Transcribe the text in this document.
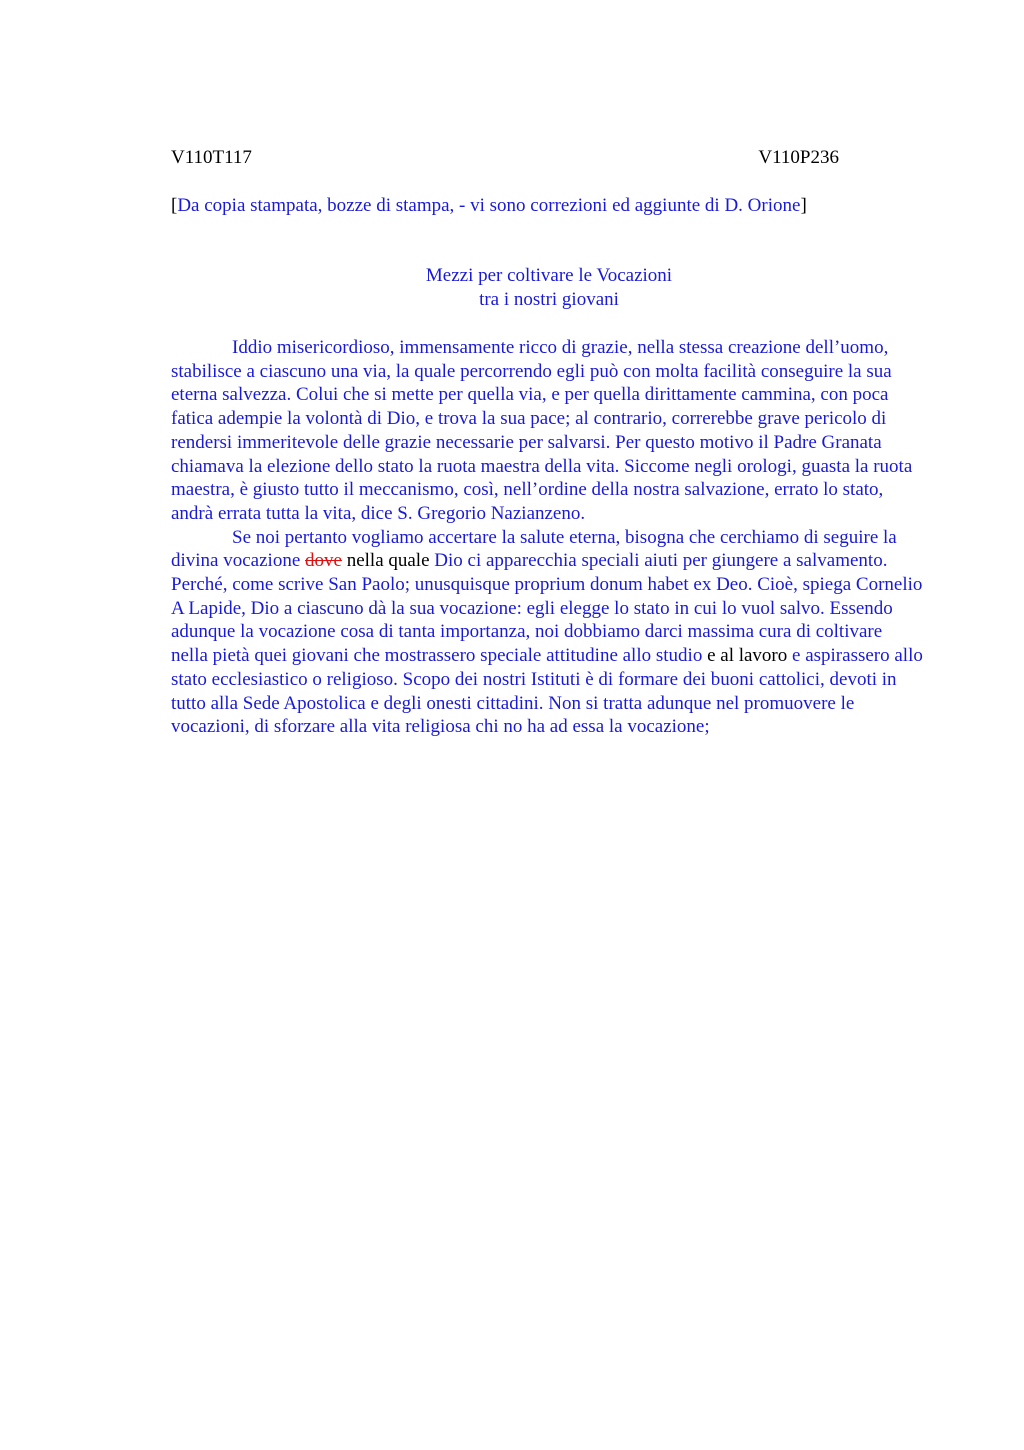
V110T117	V110P236
[Da copia stampata, bozze di stampa, - vi sono correzioni ed aggiunte di D. Orione]
Mezzi per coltivare le Vocazioni
tra i nostri giovani

Iddio misericordioso, immensamente ricco di grazie, nella stessa creazione dell’uomo, stabilisce a ciascuno una via, la quale percorrendo egli può con molta facilità conseguire la sua eterna salvezza. Colui che si mette per quella via, e per quella dirittamente cammina, con poca fatica adempie la volontà di Dio, e trova la sua pace; al contrario, correrebbe grave pericolo di rendersi immeritevole delle grazie necessarie per salvarsi. Per questo motivo il Padre Granata chiamava la elezione dello stato la ruota maestra della vita. Siccome negli orologi, guasta la ruota maestra, è giusto tutto il meccanismo, così, nell’ordine della nostra salvazione, errato lo stato, andrà errata tutta la vita, dice S. Gregorio Nazianzeno.

Se noi pertanto vogliamo accertare la salute eterna, bisogna che cerchiamo di seguire la divina vocazione dove nella quale Dio ci apparecchia speciali aiuti per giungere a salvamento. Perché, come scrive San Paolo; unusquisque proprium donum habet ex Deo. Cioè, spiega Cornelio A Lapide, Dio a ciascuno dà la sua vocazione: egli elegge lo stato in cui lo vuol salvo. Essendo adunque la vocazione cosa di tanta importanza, noi dobbiamo darci massima cura di coltivare nella pietà quei giovani che mostrassero speciale attitudine allo studio e al lavoro e aspirassero allo stato ecclesiastico o religioso. Scopo dei nostri Istituti è di formare dei buoni cattolici, devoti in tutto alla Sede Apostolica e degli onesti cittadini. Non si tratta adunque nel promuovere le vocazioni, di sforzare alla vita religiosa chi no ha ad essa la vocazione;
